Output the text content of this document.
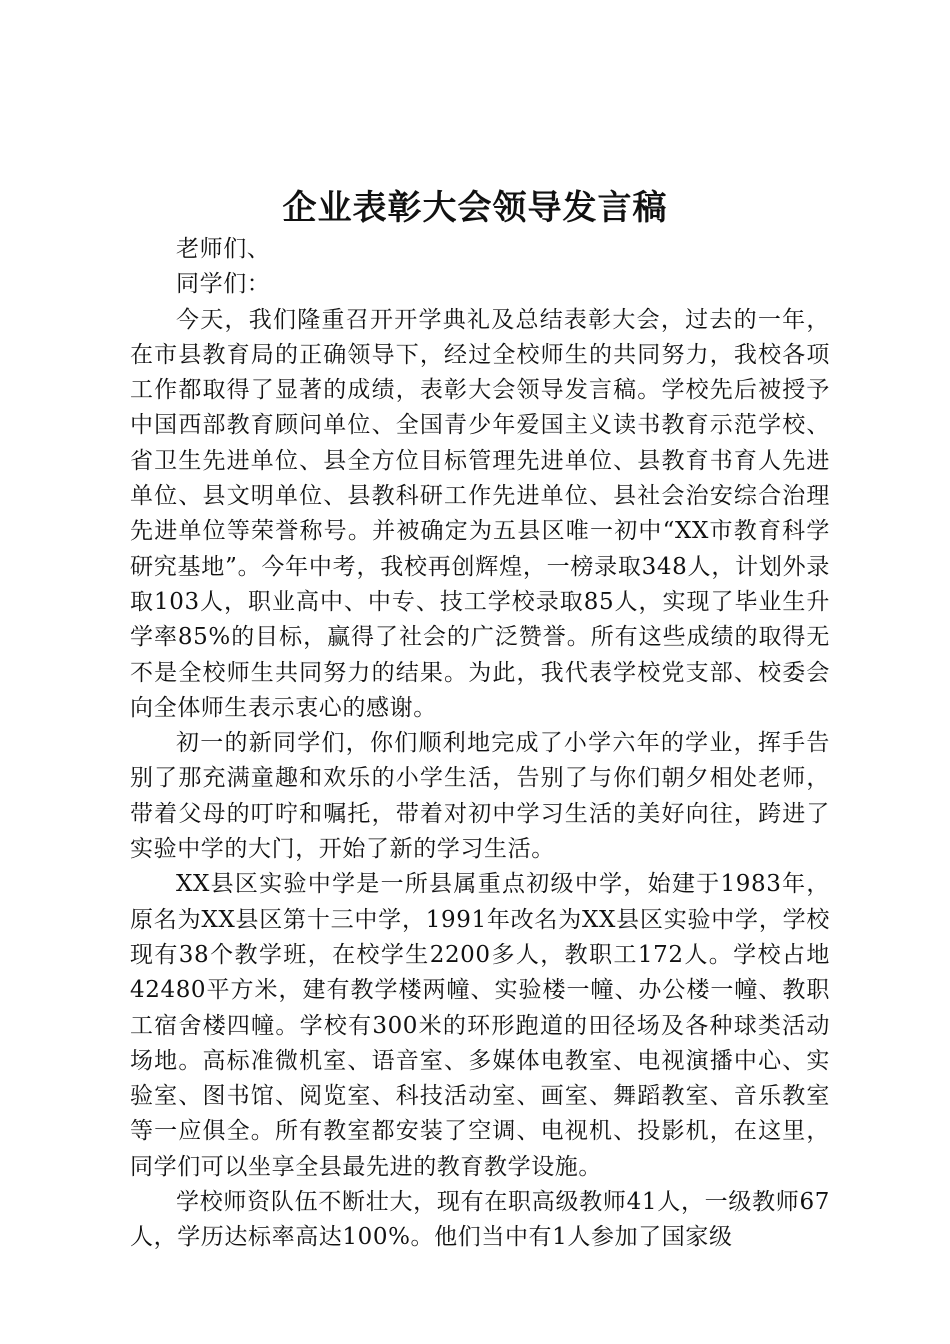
企业表彰大会领导发言稿

老师们、

同学们：

今天，我们隆重召开开学典礼及总结表彰大会，过去的一年，在市县教育局的正确领导下，经过全校师生的共同努力，我校各项工作都取得了显著的成绩，表彰大会领导发言稿。学校先后被授予中国西部教育顾问单位、全国青少年爱国主义读书教育示范学校、省卫生先进单位、县全方位目标管理先进单位、县教育书育人先进单位、县文明单位、县教科研工作先进单位、县社会治安综合治理先进单位等荣誉称号。并被确定为五县区唯一初中“XX市教育科学研究基地”。今年中考，我校再创辉煌，一榜录取348人，计划外录取103人，职业高中、中专、技工学校录取85人，实现了毕业生升学率85%的目标，赢得了社会的广泛赞誉。所有这些成绩的取得无不是全校师生共同努力的结果。为此，我代表学校党支部、校委会向全体师生表示衷心的感谢。

初一的新同学们，你们顺利地完成了小学六年的学业，挥手告别了那充满童趣和欢乐的小学生活，告别了与你们朝夕相处老师，带着父母的叮咛和嘱托，带着对初中学习生活的美好向往，跨进了实验中学的大门，开始了新的学习生活。

XX县区实验中学是一所县属重点初级中学，始建于1983年，原名为XX县区第十三中学，1991年改名为XX县区实验中学，学校现有38个教学班，在校学生2200多人，教职工172人。学校占地42480平方米，建有教学楼两幢、实验楼一幢、办公楼一幢、教职工宿舍楼四幢。学校有300米的环形跑道的田径场及各种球类活动场地。高标准微机室、语音室、多媒体电教室、电视演播中心、实验室、图书馆、阅览室、科技活动室、画室、舞蹈教室、音乐教室等一应俱全。所有教室都安装了空调、电视机、投影机，在这里，同学们可以坐享全县最先进的教育教学设施。

学校师资队伍不断壮大，现有在职高级教师41人，一级教师67人，学历达标率高达100%。他们当中有1人参加了国家级
